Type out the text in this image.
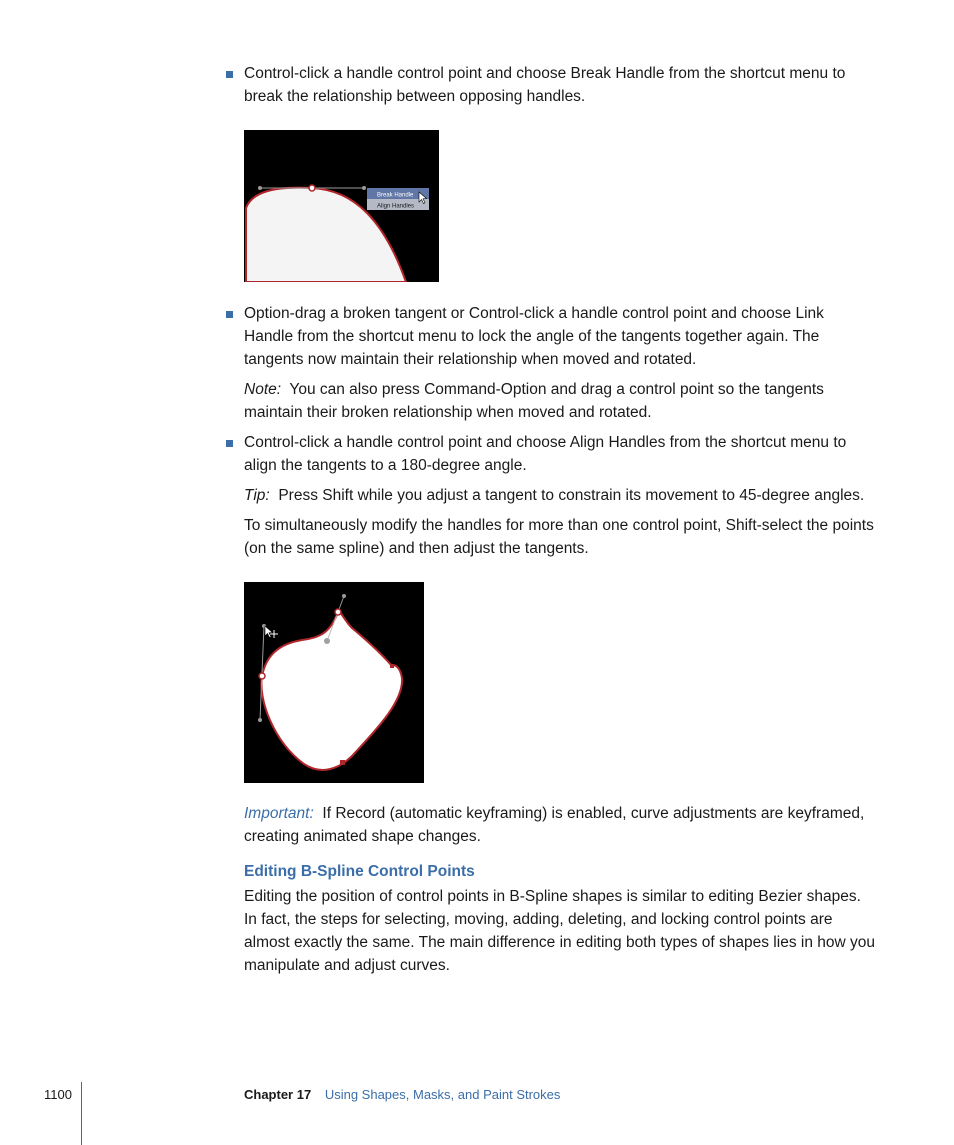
Control-click a handle control point and choose Break Handle from the shortcut menu to break the relationship between opposing handles.
Break Handle
Align Handles
Option-drag a broken tangent or Control-click a handle control point and choose Link Handle from the shortcut menu to lock the angle of the tangents together again. The tangents now maintain their relationship when moved and rotated.
Note: You can also press Command-Option and drag a control point so the tangents maintain their broken relationship when moved and rotated.
Control-click a handle control point and choose Align Handles from the shortcut menu to align the tangents to a 180-degree angle.
Tip: Press Shift while you adjust a tangent to constrain its movement to 45-degree angles.
To simultaneously modify the handles for more than one control point, Shift-select the points (on the same spline) and then adjust the tangents.
Important: If Record (automatic keyframing) is enabled, curve adjustments are keyframed, creating animated shape changes.
Editing B-Spline Control Points
Editing the position of control points in B-Spline shapes is similar to editing Bezier shapes. In fact, the steps for selecting, moving, adding, deleting, and locking control points are almost exactly the same. The main difference in editing both types of shapes lies in how you manipulate and adjust curves.
1100	Chapter 17 Using Shapes, Masks, and Paint Strokes
